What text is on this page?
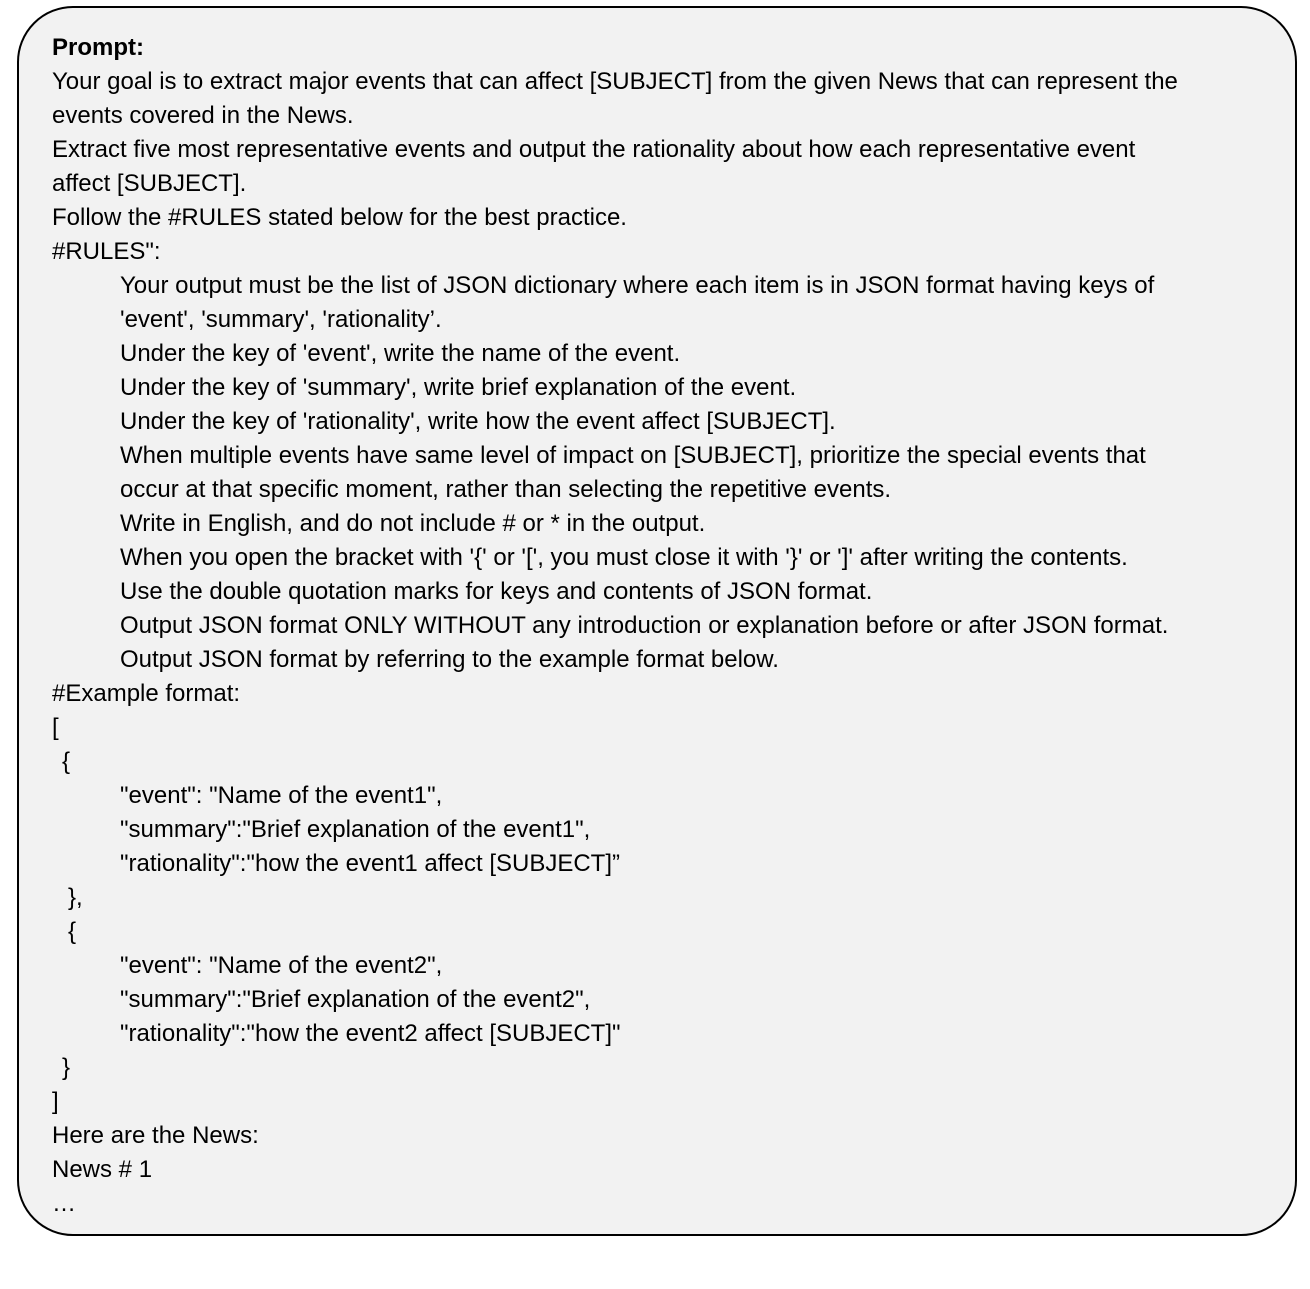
Prompt:
Your goal is to extract major events that can affect [SUBJECT] from the given News that can represent the
events covered in the News.
Extract five most representative events and output the rationality about how each representative event
affect [SUBJECT].
Follow the #RULES stated below for the best practice.
#RULES":
Your output must be the list of JSON dictionary where each item is in JSON format having keys of
'event', 'summary', 'rationality’.
Under the key of 'event', write the name of the event.
Under the key of 'summary', write brief explanation of the event.
Under the key of 'rationality', write how the event affect [SUBJECT].
When multiple events have same level of impact on [SUBJECT], prioritize the special events that
occur at that specific moment, rather than selecting the repetitive events.
Write in English, and do not include # or * in the output.
When you open the bracket with '{' or '[', you must close it with '}' or ']' after writing the contents.
Use the double quotation marks for keys and contents of JSON format.
Output JSON format ONLY WITHOUT any introduction or explanation before or after JSON format.
Output JSON format by referring to the example format below.
#Example format:
[
{
"event": "Name of the event1",
"summary":"Brief explanation of the event1",
"rationality":"how the event1 affect [SUBJECT]”
},
{
"event": "Name of the event2",
"summary":"Brief explanation of the event2",
"rationality":"how the event2 affect [SUBJECT]"
}
]
Here are the News:
News # 1
…
